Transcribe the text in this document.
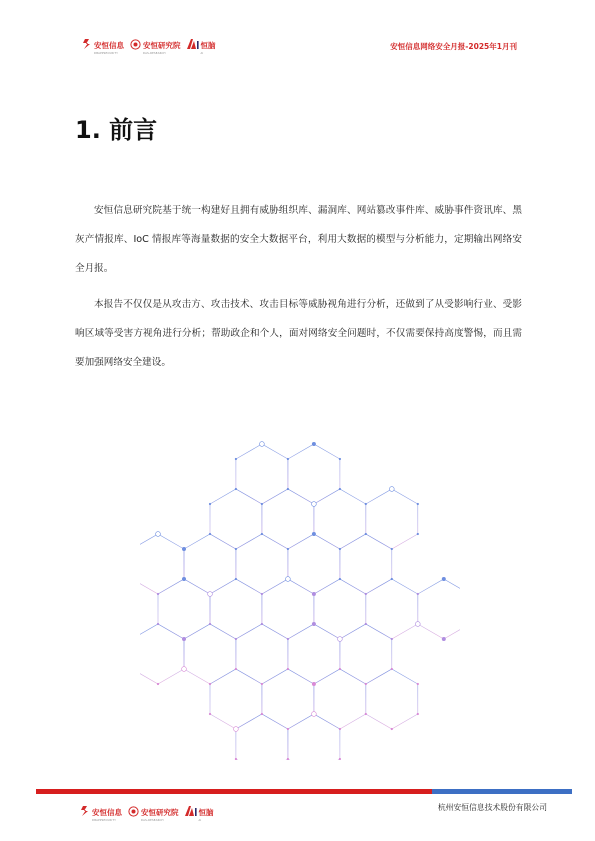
安恒信息
DBAPPSECURITY
安恒研究院
DAS-RESEARCH
恒脑
AI
安恒信息网络安全月报-2025年1月刊
1. 前言
安恒信息研究院基于统一构建好且拥有威胁组织库、漏洞库、网站篡改事件库、威胁事件资讯库、黑灰产情报库、IoC 情报库等海量数据的安全大数据平台，利用大数据的模型与分析能力，定期输出网络安全月报。
本报告不仅仅是从攻击方、攻击技术、攻击目标等威胁视角进行分析，还做到了从受影响行业、受影响区域等受害方视角进行分析；帮助政企和个人，面对网络安全问题时，不仅需要保持高度警惕，而且需要加强网络安全建设。
安恒信息
DBAPPSECURITY
安恒研究院
DAS-RESEARCH
恒脑
AI
杭州安恒信息技术股份有限公司
